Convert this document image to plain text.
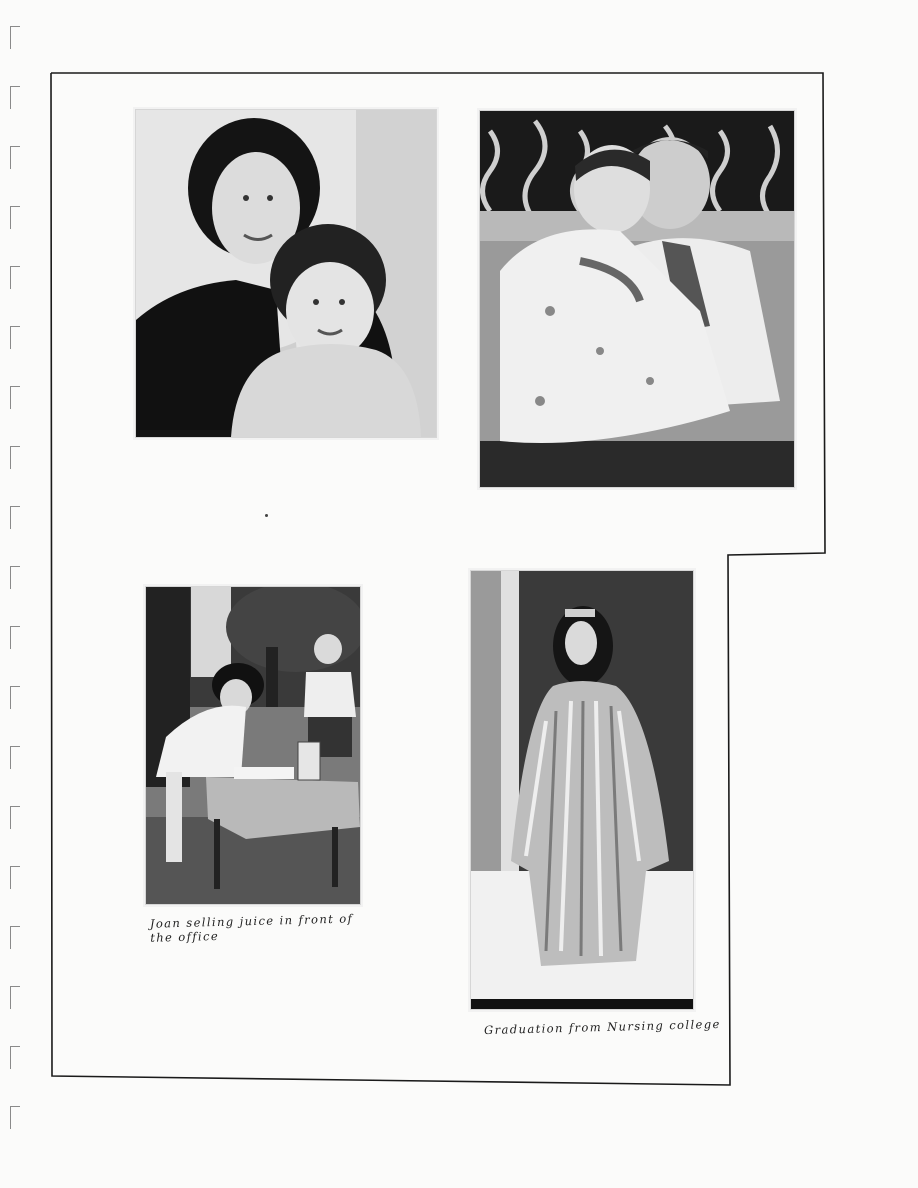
Joan selling juice in front of the office
Graduation from Nursing college
